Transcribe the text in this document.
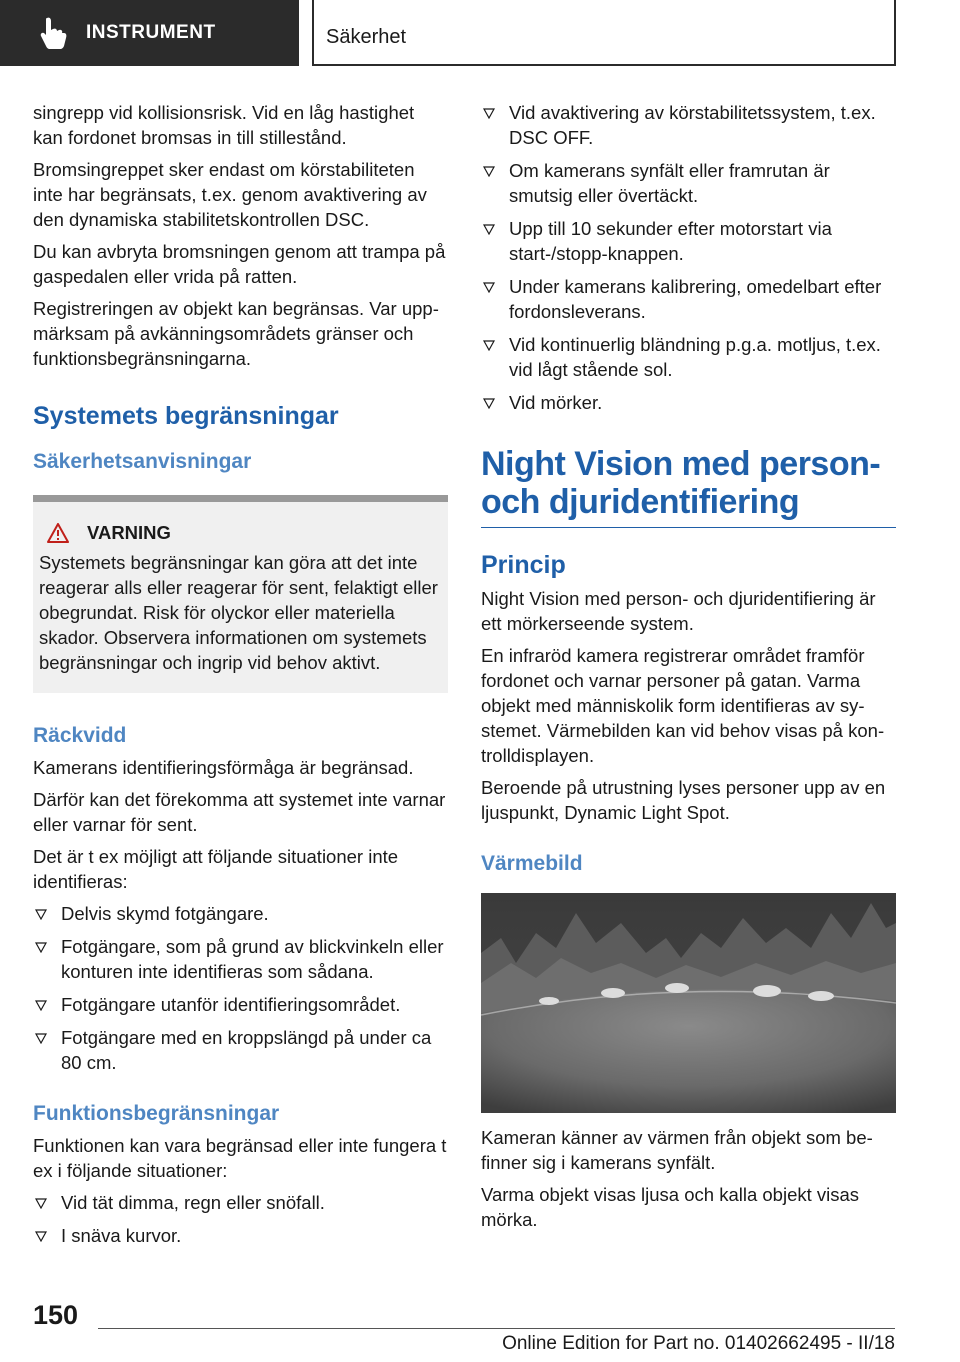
INSTRUMENT	Säkerhet

singrepp vid kollisionsrisk. Vid en låg hastighet kan fordonet bromsas in till stillestånd.

Bromsingreppet sker endast om körstabiliteten inte har begränsats, t.ex. genom avaktivering av den dynamiska stabilitetskontrollen DSC.

Du kan avbryta bromsningen genom att trampa på gaspedalen eller vrida på ratten.

Registreringen av objekt kan begränsas. Var uppmärksam på avkänningsområdets gränser och funktionsbegränsningarna.

Systemets begränsningar
Säkerhetsanvisningar
VARNING

Systemets begränsningar kan göra att det inte reagerar alls eller reagerar för sent, felaktigt eller obegrundat. Risk för olyckor eller materiella skador. Observera informationen om systemets begränsningar och ingrip vid behov aktivt.

Räckvidd

Kamerans identifieringsförmåga är begränsad.

Därför kan det förekomma att systemet inte varnar eller varnar för sent.

Det är t ex möjligt att följande situationer inte identifieras:

Delvis skymd fotgängare.
Fotgängare, som på grund av blickvinkeln eller konturen inte identifieras som sådana.
Fotgängare utanför identifieringsområdet.
Fotgängare med en kroppslängd på under ca 80 cm.
Funktionsbegränsningar

Funktionen kan vara begränsad eller inte fungera t ex i följande situationer:

Vid tät dimma, regn eller snöfall.
I snäva kurvor.
Vid avaktivering av körstabilitetssystem, t.ex. DSC OFF.
Om kamerans synfält eller framrutan är smutsig eller övertäckt.
Upp till 10 sekunder efter motorstart via start-/stopp-knappen.
Under kamerans kalibrering, omedelbart efter fordonsleverans.
Vid kontinuerlig bländning p.g.a. motljus, t.ex. vid lågt stående sol.
Vid mörker.
Night Vision med person-
och djuridentifiering
Princip

Night Vision med person- och djuridentifiering är ett mörkerseende system.

En infraröd kamera registrerar området framför fordonet och varnar personer på gatan. Varma objekt med människolik form identifieras av systemet. Värmebilden kan vid behov visas på kontrolldisplayen.

Beroende på utrustning lyses personer upp av en ljuspunkt, Dynamic Light Spot.

Värmebild

Kameran känner av värmen från objekt som befinner sig i kamerans synfält.

Varma objekt visas ljusa och kalla objekt visas mörka.

150
Online Edition for Part no. 01402662495 - II/18
